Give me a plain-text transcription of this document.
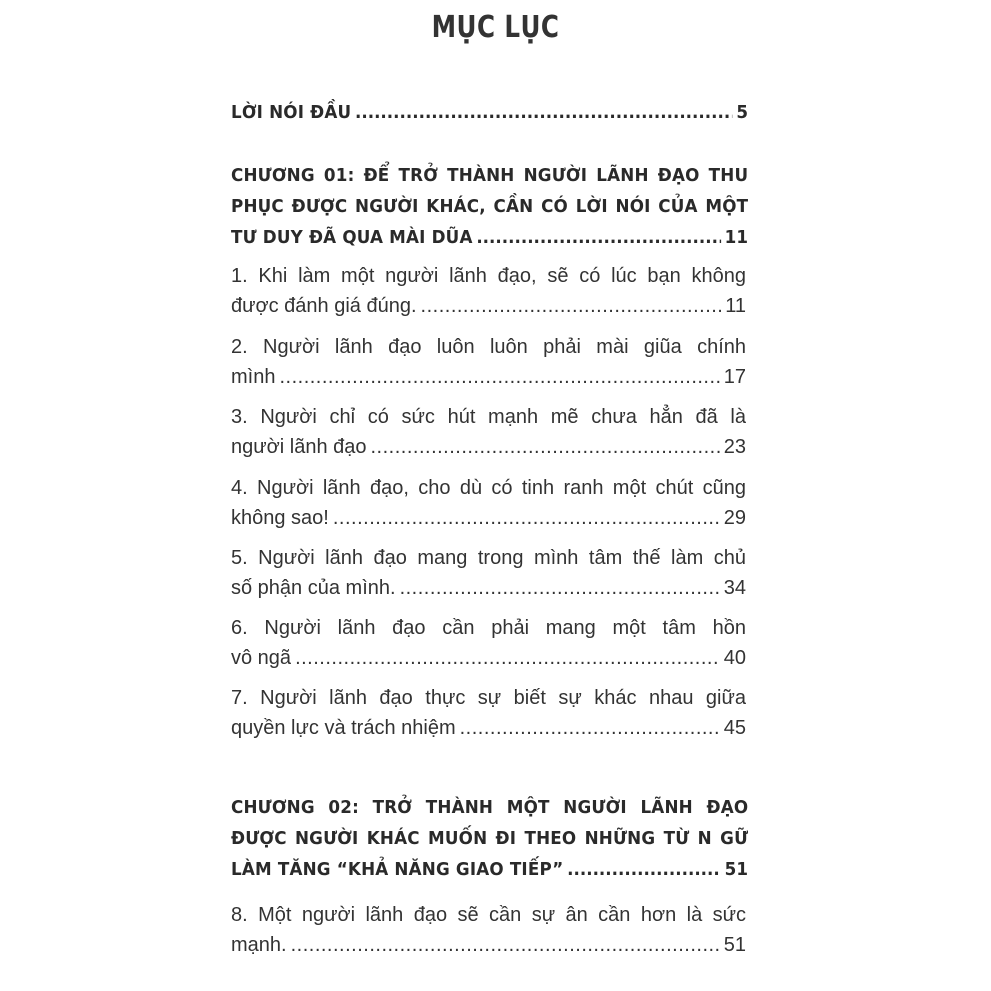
MỤC LỤC
LỜI NÓI ĐẦU .....	5
CHƯƠNG 01: ĐỂ TRỞ THÀNH NGƯỜI LÃNH ĐẠO THU
PHỤC ĐƯỢC NGƯỜI KHÁC, CẦN CÓ LỜI NÓI CỦA MỘT
TƯ DUY ĐÃ QUA MÀI DŨA .....	11
1. Khi làm một người lãnh đạo, sẽ có lúc bạn không
được đánh giá đúng. .....	11
2. Người lãnh đạo luôn luôn phải mài giũa chính
mình .....	17
3. Người chỉ có sức hút mạnh mẽ chưa hẳn đã là
người lãnh đạo .....	23
4. Người lãnh đạo, cho dù có tinh ranh một chút cũng
không sao! .....	29
5. Người lãnh đạo mang trong mình tâm thế làm chủ
số phận của mình. .....	34
6. Người lãnh đạo cần phải mang một tâm hồn
vô ngã .....	40
7. Người lãnh đạo thực sự biết sự khác nhau giữa
quyền lực và trách nhiệm .....	45
CHƯƠNG 02: TRỞ THÀNH MỘT NGƯỜI LÃNH ĐẠO
ĐƯỢC NGƯỜI KHÁC MUỐN ĐI THEO NHỮNG TỪ N GỮ
LÀM TĂNG “KHẢ NĂNG GIAO TIẾP” .....	51
8. Một người lãnh đạo sẽ cần sự ân cần hơn là sức
mạnh. .....	51
